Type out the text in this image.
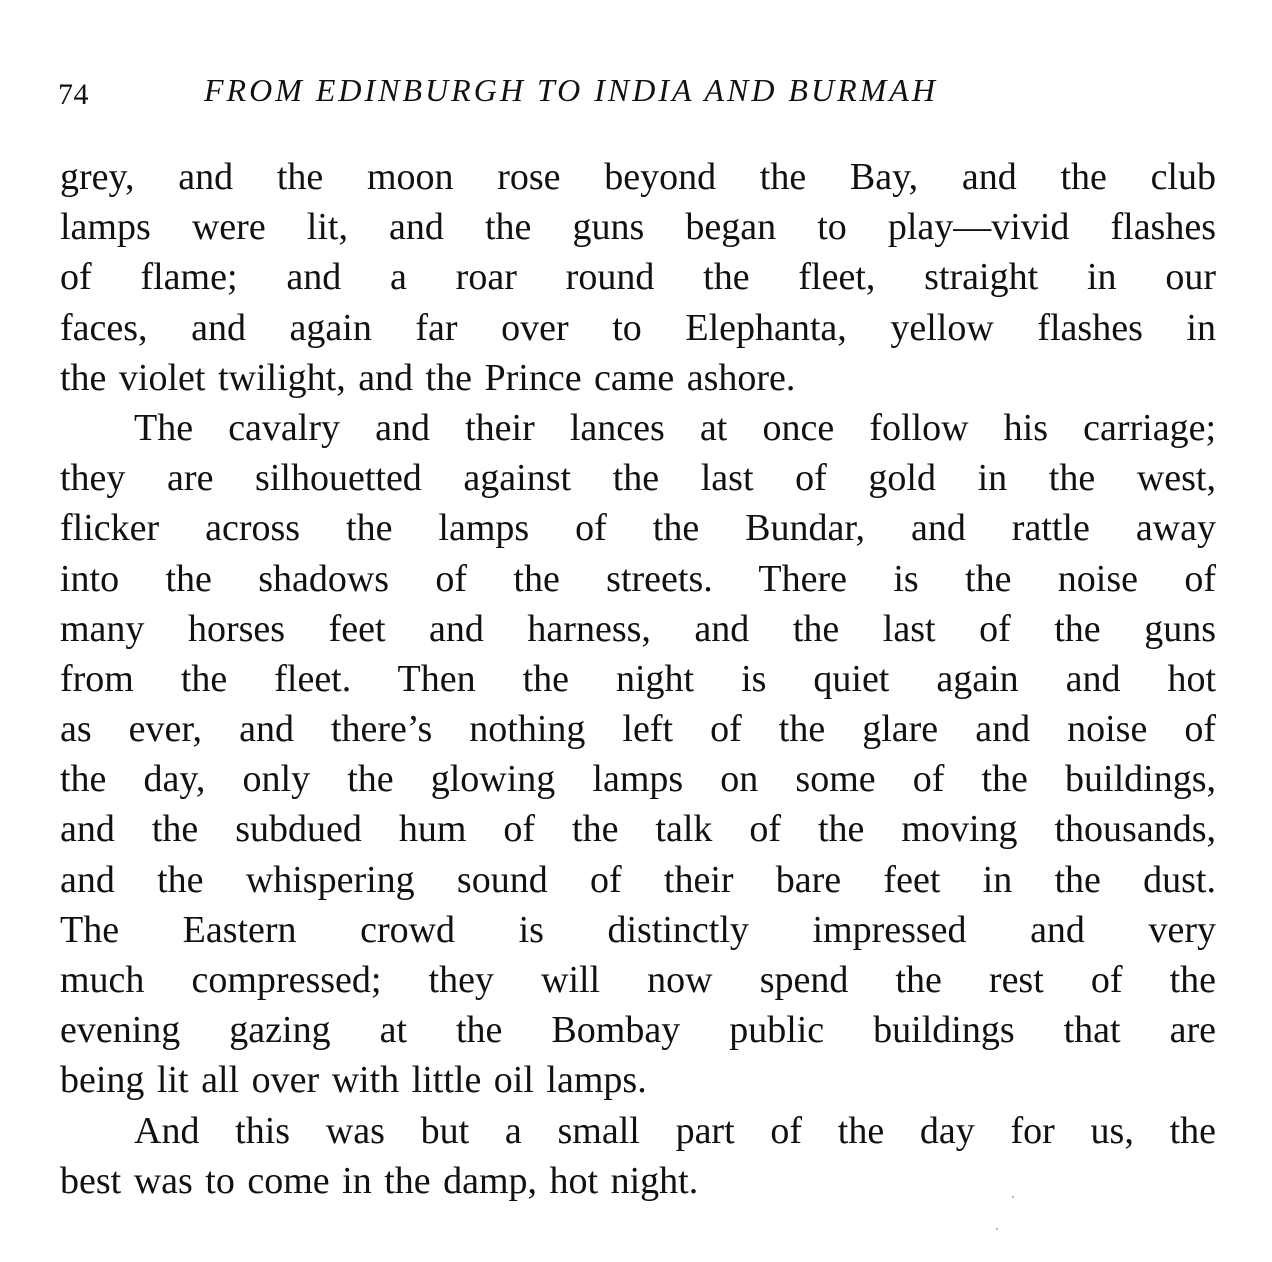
74	FROM EDINBURGH TO INDIA AND BURMAH
grey, and the moon rose beyond the Bay, and the club
lamps were lit, and the guns began to play—vivid flashes
of flame; and a roar round the fleet, straight in our
faces, and again far over to Elephanta, yellow flashes in
the violet twilight, and the Prince came ashore.
The cavalry and their lances at once follow his carriage;
they are silhouetted against the last of gold in the west,
flicker across the lamps of the Bundar, and rattle away
into the shadows of the streets. There is the noise of
many horses feet and harness, and the last of the guns
from the fleet. Then the night is quiet again and hot
as ever, and there’s nothing left of the glare and noise of
the day, only the glowing lamps on some of the buildings,
and the subdued hum of the talk of the moving thousands,
and the whispering sound of their bare feet in the dust.
The Eastern crowd is distinctly impressed and very
much compressed; they will now spend the rest of the
evening gazing at the Bombay public buildings that are
being lit all over with little oil lamps.
And this was but a small part of the day for us, the
best was to come in the damp, hot night.
